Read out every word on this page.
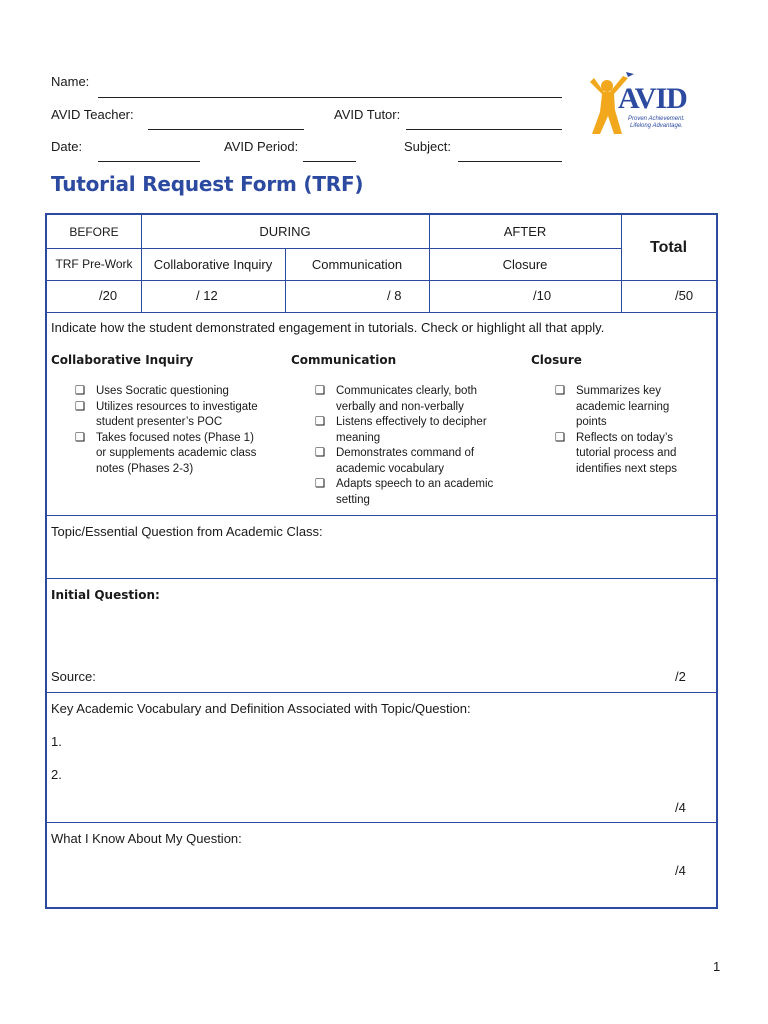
Name:
AVID Teacher:	AVID Tutor:
Date:	AVID Period:	Subject:
AVID
Proven Achievement.
Lifelong Advantage.
Tutorial Request Form (TRF)
BEFORE	DURING	AFTER
Total
TRF Pre-Work	Collaborative Inquiry	Communication	Closure
/20	/ 12	/ 8	/10	/50
Indicate how the student demonstrated engagement in tutorials. Check or highlight all that apply.
Collaborative Inquiry	Communication	Closure
❑ Uses Socratic questioning
❑ Utilizes resources to investigate
student presenter’s POC
❑ Takes focused notes (Phase 1)
or supplements academic class
notes (Phases 2-3)
❑ Communicates clearly, both
verbally and non-verbally
❑ Listens effectively to decipher
meaning
❑ Demonstrates command of
academic vocabulary
❑ Adapts speech to an academic
setting
❑ Summarizes key
academic learning
points
❑ Reflects on today’s
tutorial process and
identifies next steps
Topic/Essential Question from Academic Class:
Initial Question:
Source:	/2
Key Academic Vocabulary and Definition Associated with Topic/Question:
1.
2.
/4
What I Know About My Question:
/4
1
